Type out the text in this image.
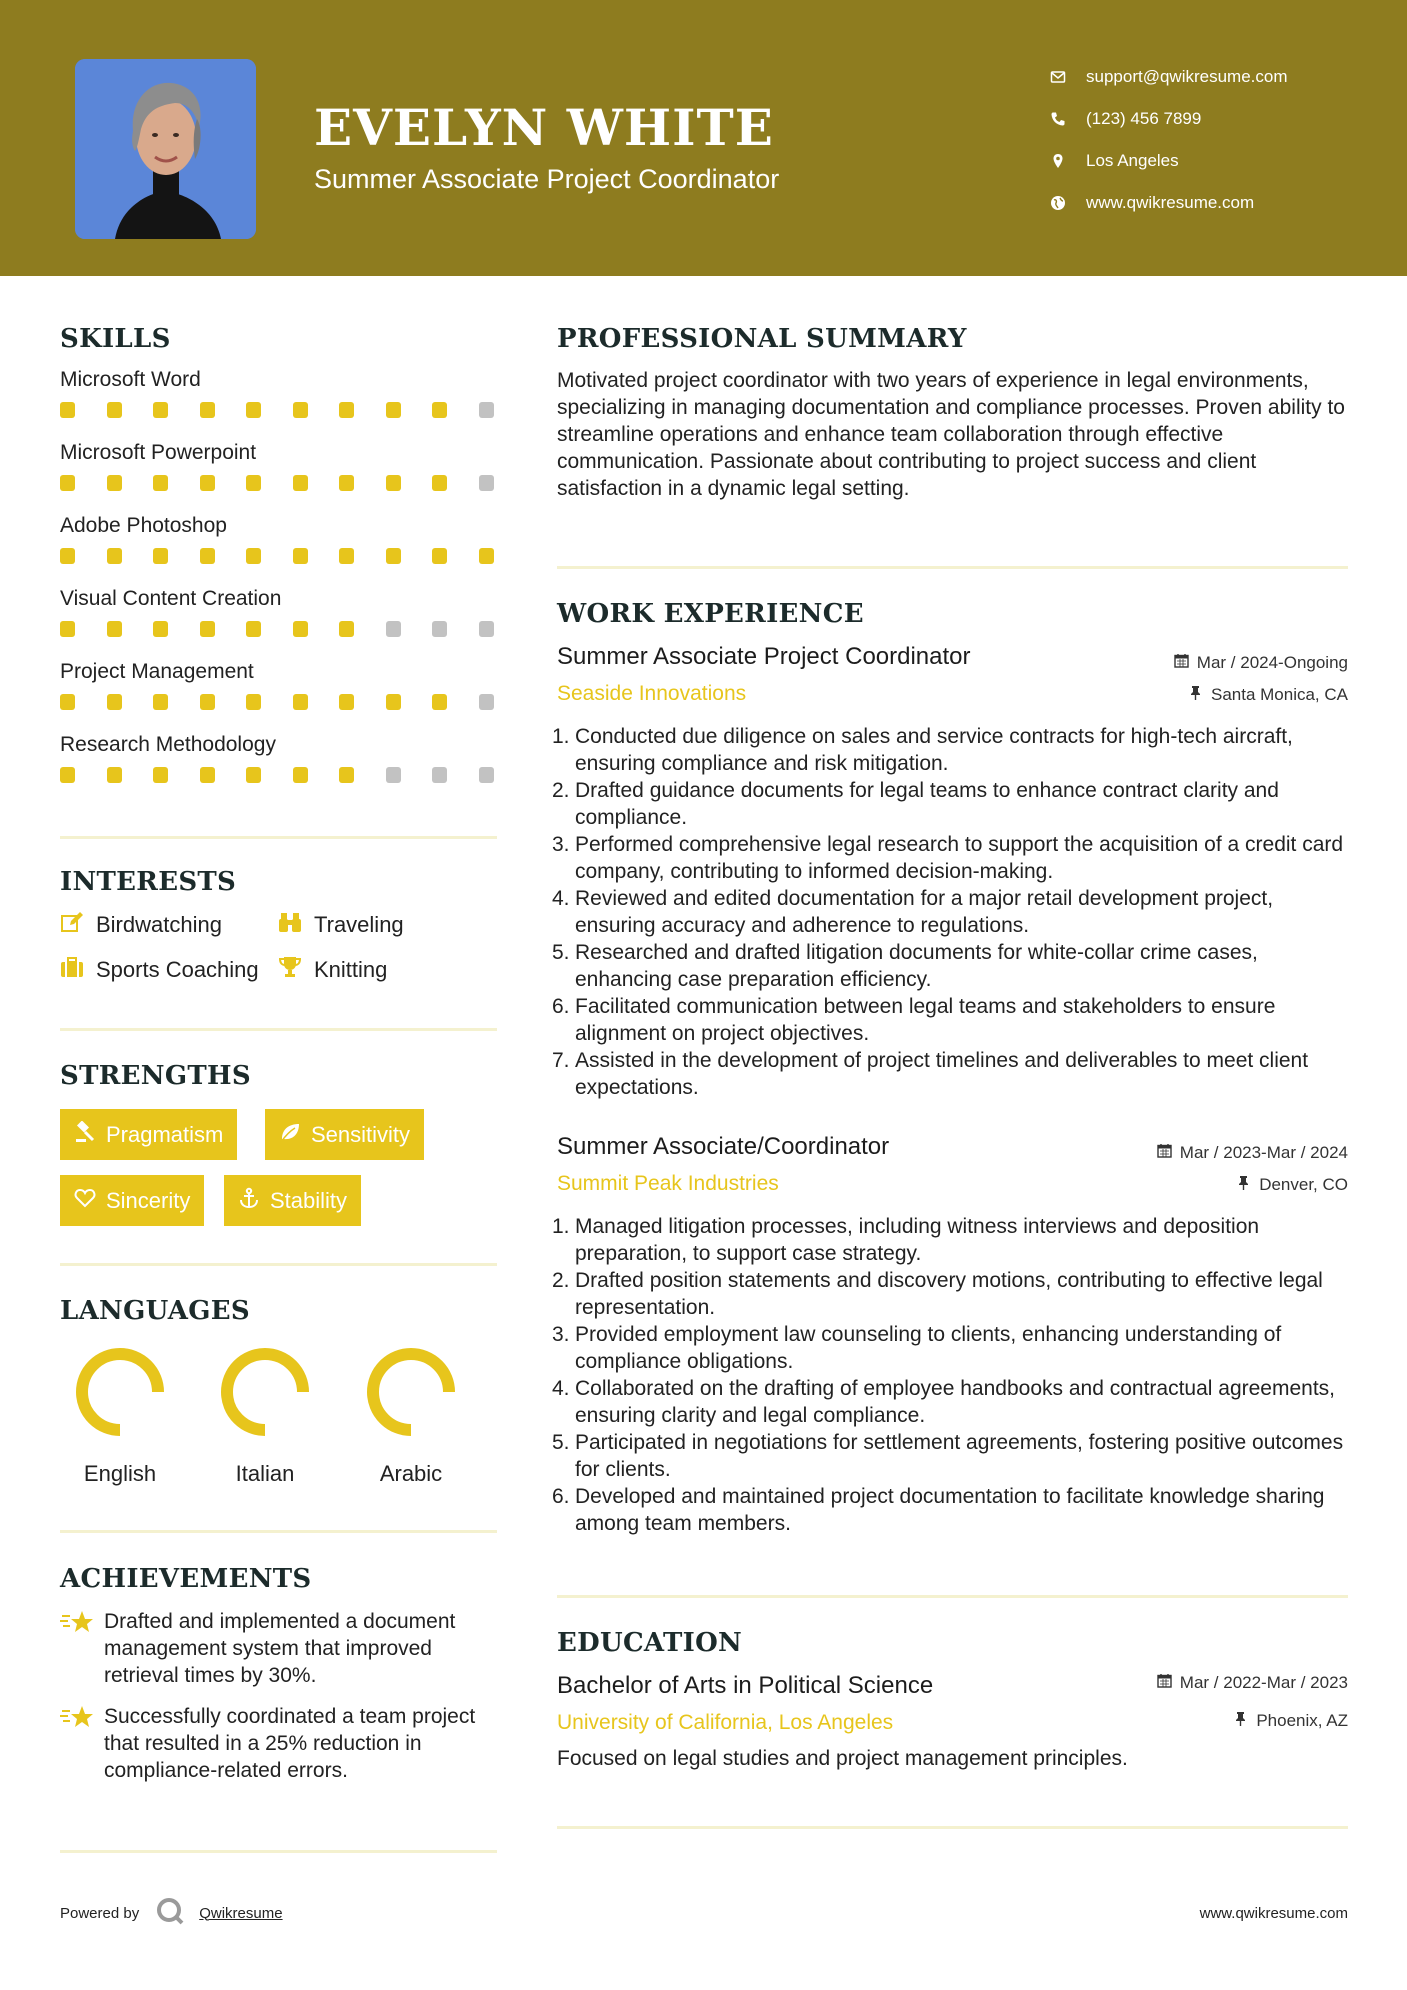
EVELYN WHITE
Summer Associate Project Coordinator
support@qwikresume.com
(123) 456 7899
Los Angeles
www.qwikresume.com
SKILLS
Microsoft Word
Microsoft Powerpoint
Adobe Photoshop
Visual Content Creation
Project Management
Research Methodology
INTERESTS
Birdwatching	Traveling
Sports Coaching	Knitting
STRENGTHS
Pragmatism	Sensitivity
Sincerity	Stability
LANGUAGES
English	Italian	Arabic
ACHIEVEMENTS
Drafted and implemented a document management system that improved retrieval times by 30%.
Successfully coordinated a team project that resulted in a 25% reduction in compliance-related errors.
PROFESSIONAL SUMMARY
Motivated project coordinator with two years of experience in legal environments, specializing in managing documentation and compliance processes. Proven ability to streamline operations and enhance team collaboration through effective communication. Passionate about contributing to project success and client satisfaction in a dynamic legal setting.
WORK EXPERIENCE
Summer Associate Project Coordinator
Seaside Innovations
Mar / 2024-Ongoing
Santa Monica, CA
1. Conducted due diligence on sales and service contracts for high-tech aircraft, ensuring compliance and risk mitigation.
2. Drafted guidance documents for legal teams to enhance contract clarity and compliance.
3. Performed comprehensive legal research to support the acquisition of a credit card company, contributing to informed decision-making.
4. Reviewed and edited documentation for a major retail development project, ensuring accuracy and adherence to regulations.
5. Researched and drafted litigation documents for white-collar crime cases, enhancing case preparation efficiency.
6. Facilitated communication between legal teams and stakeholders to ensure alignment on project objectives.
7. Assisted in the development of project timelines and deliverables to meet client expectations.
Summer Associate/Coordinator
Summit Peak Industries
Mar / 2023-Mar / 2024
Denver, CO
1. Managed litigation processes, including witness interviews and deposition preparation, to support case strategy.
2. Drafted position statements and discovery motions, contributing to effective legal representation.
3. Provided employment law counseling to clients, enhancing understanding of compliance obligations.
4. Collaborated on the drafting of employee handbooks and contractual agreements, ensuring clarity and legal compliance.
5. Participated in negotiations for settlement agreements, fostering positive outcomes for clients.
6. Developed and maintained project documentation to facilitate knowledge sharing among team members.
EDUCATION
Bachelor of Arts in Political Science
University of California, Los Angeles
Mar / 2022-Mar / 2023
Phoenix, AZ
Focused on legal studies and project management principles.
Powered by	Qwikresume	www.qwikresume.com
